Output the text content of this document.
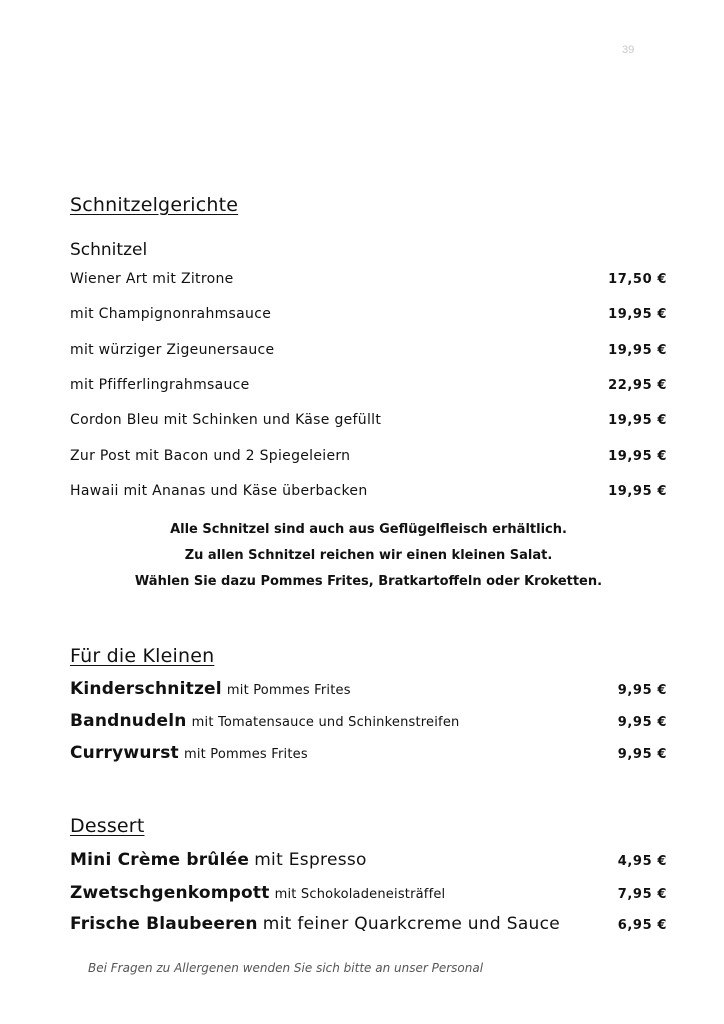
39
Schnitzelgerichte
Schnitzel
Wiener Art mit Zitrone	17,50 €
mit Champignonrahmsauce	19,95 €
mit würziger Zigeunersauce	19,95 €
mit Pfifferlingrahmsauce	22,95 €
Cordon Bleu mit Schinken und Käse gefüllt	19,95 €
Zur Post mit Bacon und 2 Spiegeleiern	19,95 €
Hawaii mit Ananas und Käse überbacken	19,95 €
Alle Schnitzel sind auch aus Geflügelfleisch erhältlich.
Zu allen Schnitzel reichen wir einen kleinen Salat.
Wählen Sie dazu Pommes Frites, Bratkartoffeln oder Kroketten.
Für die Kleinen
Kinderschnitzel mit Pommes Frites	9,95 €
Bandnudeln mit Tomatensauce und Schinkenstreifen	9,95 €
Currywurst mit Pommes Frites	9,95 €
Dessert
Mini Crème brûlée mit Espresso	4,95 €
Zwetschgenkompott mit Schokoladeneisträffel	7,95 €
Frische Blaubeeren mit feiner Quarkcreme und Sauce	6,95 €
Bei Fragen zu Allergenen wenden Sie sich bitte an unser Personal
